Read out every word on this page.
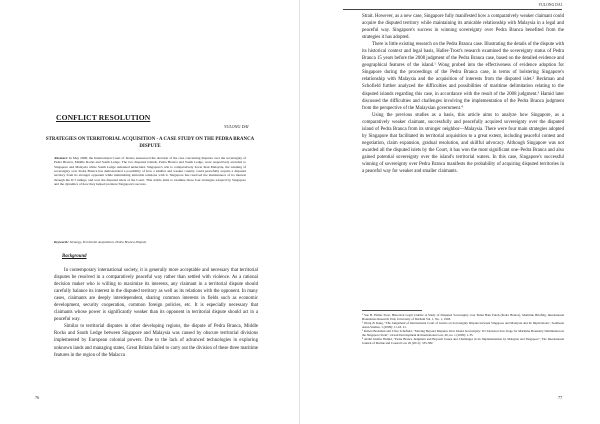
CONFLICT RESOLUTION
YULONG DAI
STRATEGIES ON TERRITORIAL ACQUISITION - A CASE STUDY ON THE PEDRA BRANCA DISPUTE
Abstract: In May 2008, the International Court of Justice announced the decision of the case concerning disputes over the sovereignty of Pedra Branca, Middle Rocks and South Ledge. The two disputed islands, Pedra Branca and South Ledge, were respectively awarded to Singapore and Malaysia while South Ledge remained undecided. Singapore's win is comparatively lower than Malaysia, the winning of sovereignty over Pedra Branca has demonstrated a possibility of how a smaller and weaker country could peacefully acquire a disputed territory from its stronger opponent while maintaining amicable relations with it. Singapore has resolved the maintenance of its interest through the ICJ rulings, and won the disputed islets of the Court. This article aims to examine those four strategies adopted by Singapore and the dynamics of how they helped promote Singapore's success.
Keywords: Strategy, Territorial Acquisition, Pedra Branca Dispute
Background

In contemporary international society, it is generally more acceptable and necessary that territorial disputes be resolved in a comparatively peaceful way rather than settled with violence. As a rational decision maker who is willing to maximize its interests, any claimant in a territorial dispute should carefully balance its interest in the disputed territory as well as its relations with the opponent. In many cases, claimants are deeply interdependent, sharing common interests in fields such as economic development, security cooperation, common foreign policies, etc. It is especially necessary that claimants whose power is significantly weaker than its opponent in territorial dispute should act in a peaceful way.

Similar to territorial disputes in other developing regions, the dispute of Pedra Branca, Middle Rocks and South Ledge between Singapore and Malaysia was caused by obscure territorial divisions implemented by European colonial powers. Due to the lack of advanced technologies in exploring unknown lands and managing states, Great Britain failed to carry out the division of these three maritime features in the region of the Malacca

76
YULONG DAI

Strait. However, as a new case, Singapore fully manifested how a comparatively weaker claimant could acquire the disputed territory while maintaining its amicable relationship with Malaysia in a legal and peaceful way. Singapore's success in winning sovereignty over Pedra Branca benefited from the strategies it has adopted.

There is little existing research on the Pedra Branca case. Illustrating the details of the dispute with its historical context and legal basis, Haller-Trost's research examined the sovereignty status of Pedra Branca 15 years before the 2008 judgment of the Pedra Branca case, based on the detailed evidence and geographical features of the island.¹ Wong probed into the effectiveness of evidence adoption for Singapore during the proceedings of the Pedra Branca case, in terms of bolstering Singapore's relationship with Malaysia and the acquisition of interests from the disputed islet.² Beckman and Schofield further analyzed the difficulties and possibilities of maritime delimitation relating to the disputed islands regarding this case, in accordance with the result of the 2008 judgment.³ Hamid later discussed the difficulties and challenges involving the implementation of the Pedra Branca judgment from the perspective of the Malaysian government.⁴

Using the previous studies as a basis, this article aims to analyze how Singapore, as a comparatively weaker claimant, successfully and peacefully acquired sovereignty over the disputed island of Pedra Branca from its stronger neighbor—Malaysia. There were four main strategies adopted by Singapore that facilitated its territorial acquisition to a great extent, including peaceful contest and negotiation, claim expansion, gradual resolution, and skillful advocacy. Although Singapore was not awarded all the disputed islets by the Court, it has won the most significant one–Pedra Branca and also gained potential sovereignty over the island's territorial waters. In this case, Singapore's successful winning of sovereignty over Pedra Branca manifests the probability of acquiring disputed territories in a peaceful way for weaker and smaller claimants.

¹ Sue H. Haller-Trost, Historical Legal Claims: A Study of Disputed Sovereignty over Pulau Batu Puteh (Pedra Branca), Maritime Briefing, International Boundaries Research Unit, University of Durham Vol. 1, No. 1, 1993.

² Wong Zi Kang, "The Judgement of International Court of Justice on Sovereignty Dispute between Singapore and Malaysia and Its Implications", Southeast Asian Studies, 1 (2009): 11-18, 21.

³ Robert Beckman and Clive Schofield, "Moving Beyond Disputes Over Island Sovereignty: ICJ Decision Sets Stage for Maritime Boundary Delimitation in the Singapore Strait", Ocean Development & International Law, 40, no. 1 (2009): 1-35.

⁴ Abdul Ghafur Hamid, "Pedra Branca Judgment and Beyond: Issues and Challenges in Its Implementation by Malaysia and Singapore", The International Journal of Marine and Coastal Law 26 (2011): 335-382.

77
